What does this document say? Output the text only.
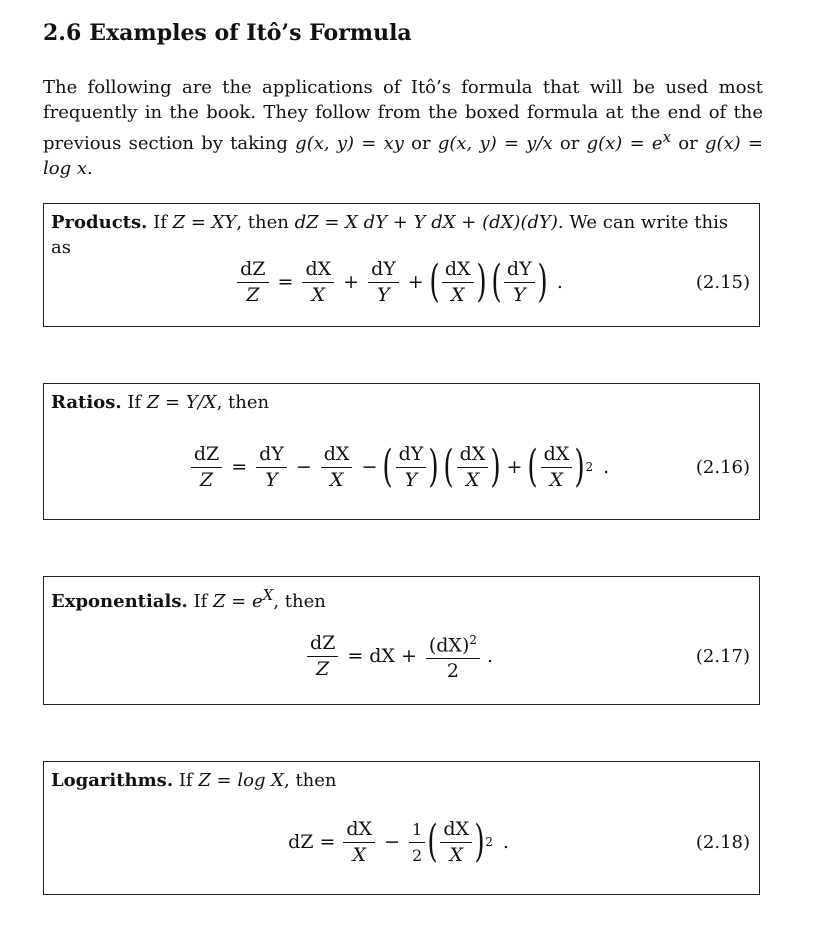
2.6 Examples of Itô’s Formula

The following are the applications of Itô’s formula that will be used most frequently in the book. They follow from the boxed formula at the end of the previous section by taking g(x, y) = xy or g(x, y) = y/x or $g(x) = e^x$ or g(x) = log x.

Products. If Z = XY, then dZ = X dY + Y dX + (dX)(dY). We can write this as
$\frac{dZ}{Z} = \frac{dX}{X} + \frac{dY}{Y}$ + ( $\frac{dX}{X}$ ) ( $\frac{dY}{Y}$ ) .	(2.15)
Ratios. If Z = Y/X, then
$\frac{dZ}{Z} = \frac{dY}{Y} - \frac{dX}{X}$ − ( $\frac{dY}{Y}$ ) ( $\frac{dX}{X}$ ) + ( $\frac{dX}{X}$ ) 2 .	(2.16)
Exponentials. If $Z = e^X$, then
$\frac{dZ}{Z}$ = dX + $\frac{(dX)^2}{2}$ .	(2.17)
Logarithms. If Z = log X, then
dZ = $\frac{dX}{X} - \frac{1}{2}$ ( $\frac{dX}{X}$ ) 2 .	(2.18)
